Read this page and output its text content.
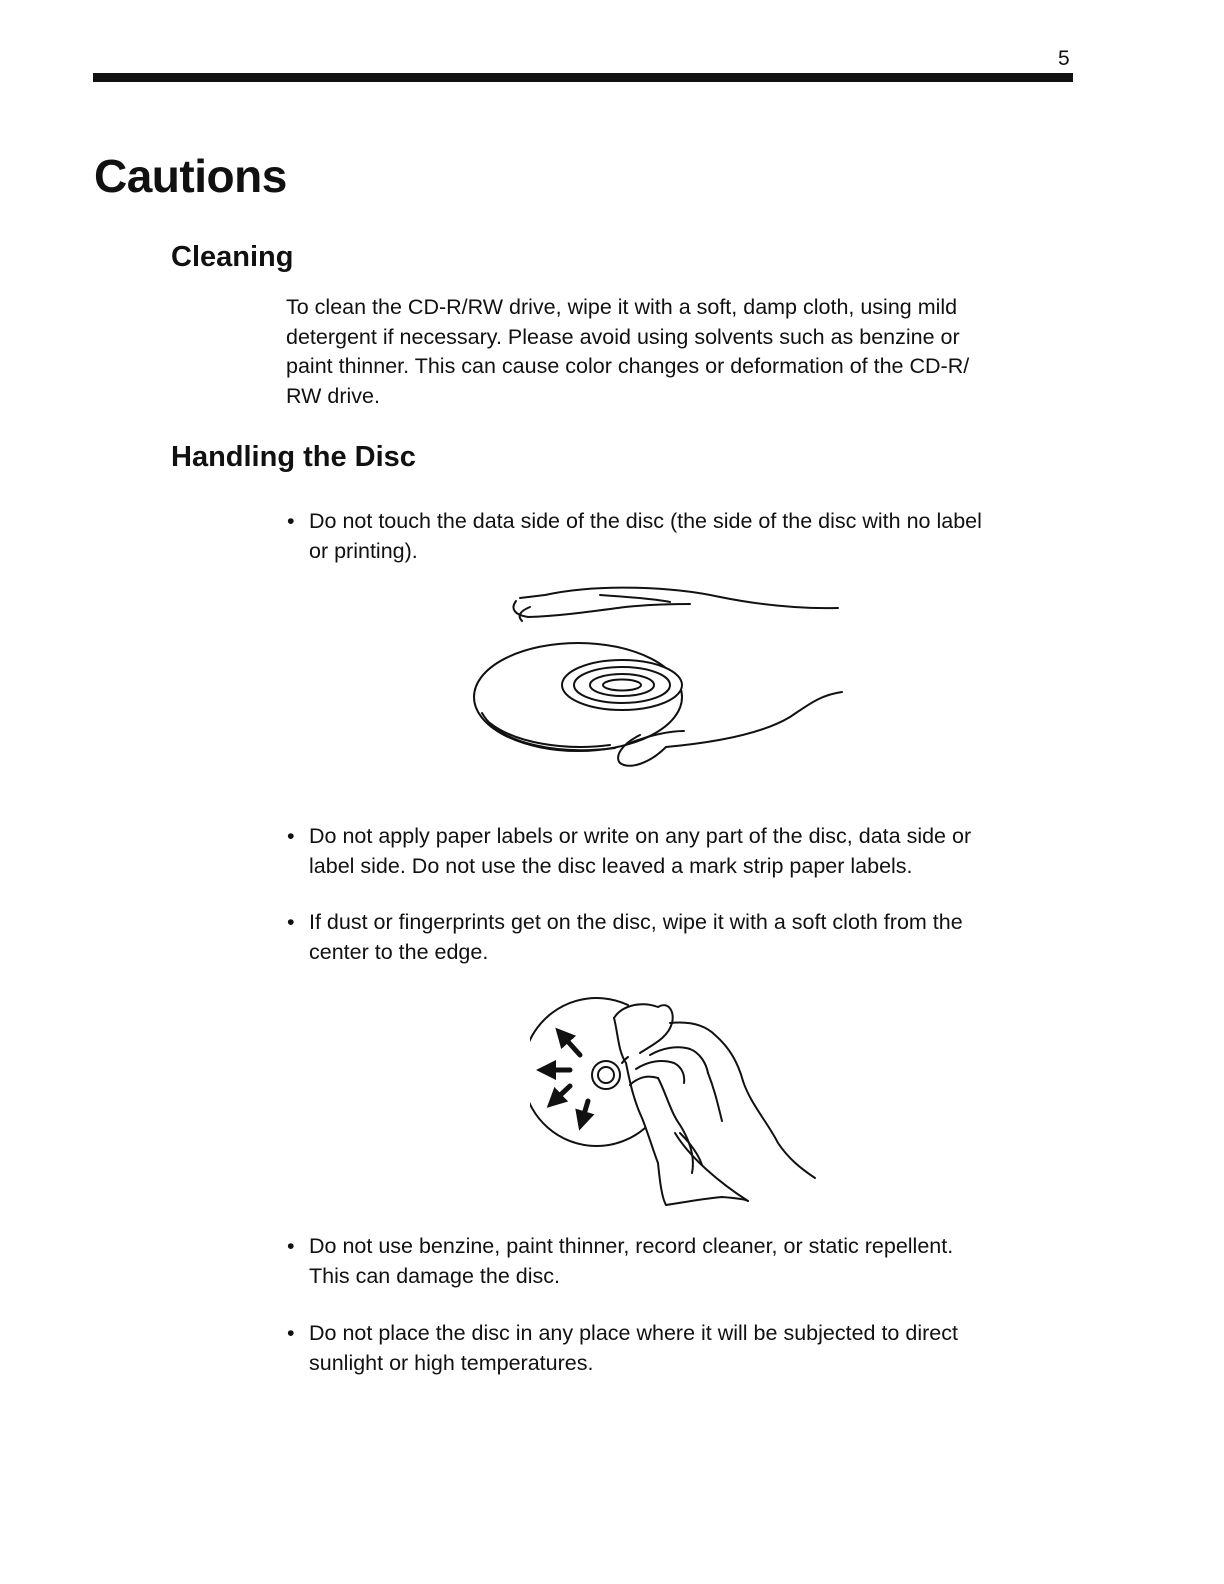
5
Cautions
Cleaning

To clean the CD-R/RW drive, wipe it with a soft, damp cloth, using mild
detergent if necessary. Please avoid using solvents such as benzine or
paint thinner. This can cause color changes or deformation of the CD-R/
RW drive.

Handling the Disc
• Do not touch the data side of the disc (the side of the disc with no label
or printing).
• Do not apply paper labels or write on any part of the disc, data side or
label side. Do not use the disc leaved a mark strip paper labels.
• If dust or fingerprints get on the disc, wipe it with a soft cloth from the
center to the edge.
• Do not use benzine, paint thinner, record cleaner, or static repellent.
This can damage the disc.
• Do not place the disc in any place where it will be subjected to direct
sunlight or high temperatures.
